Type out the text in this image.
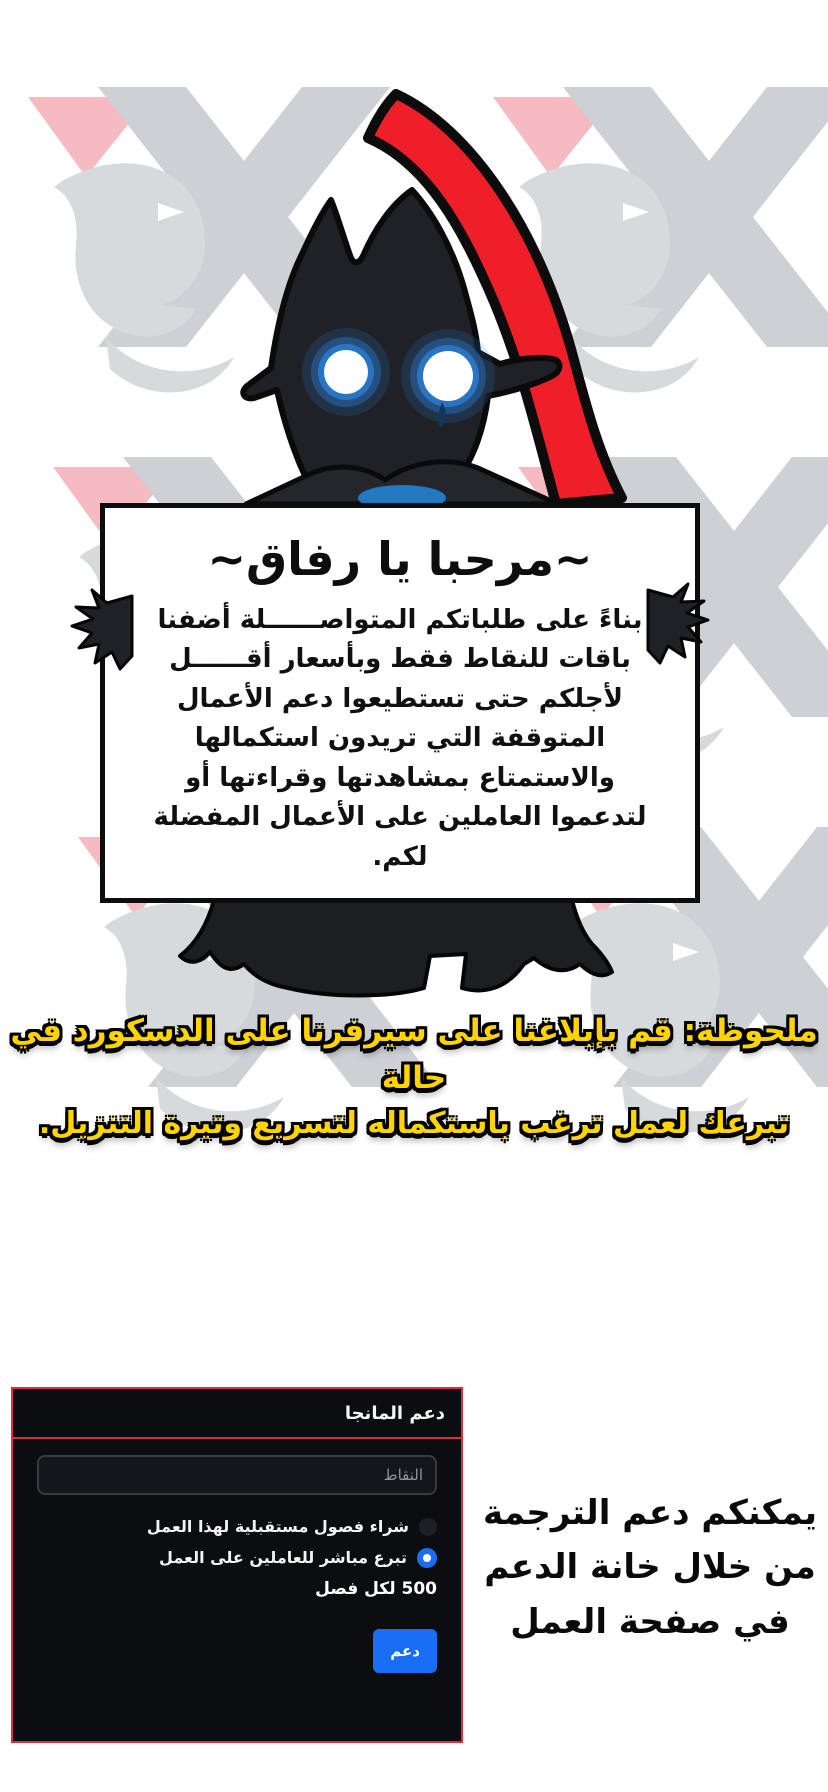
~مرحبا يا رفاق~
بناءً على طلباتكم المتواصــــــلة أضفنا باقات للنقاط فقط وبأسعار أقــــــل لأجلكم حتى تستطيعوا دعم الأعمال المتوقفة التي تريدون استكمالها والاستمتاع بمشاهدتها وقراءتها أو لتدعموا العاملين على الأعمال المفضلة لكم.
ملحوظة: قم بإبلاغنا على سيرفرنا على الدسكورد في حالة
تبرعك لعمل ترغب باستكماله لتسريع وتيرة التنزيل.
دعم المانجا
النقاط
شراء فصول مستقبلية لهذا العمل
تبرع مباشر للعاملين على العمل
500 لكل فصل
دعم
يمكنكم دعم الترجمة
من خلال خانة الدعم
في صفحة العمل
